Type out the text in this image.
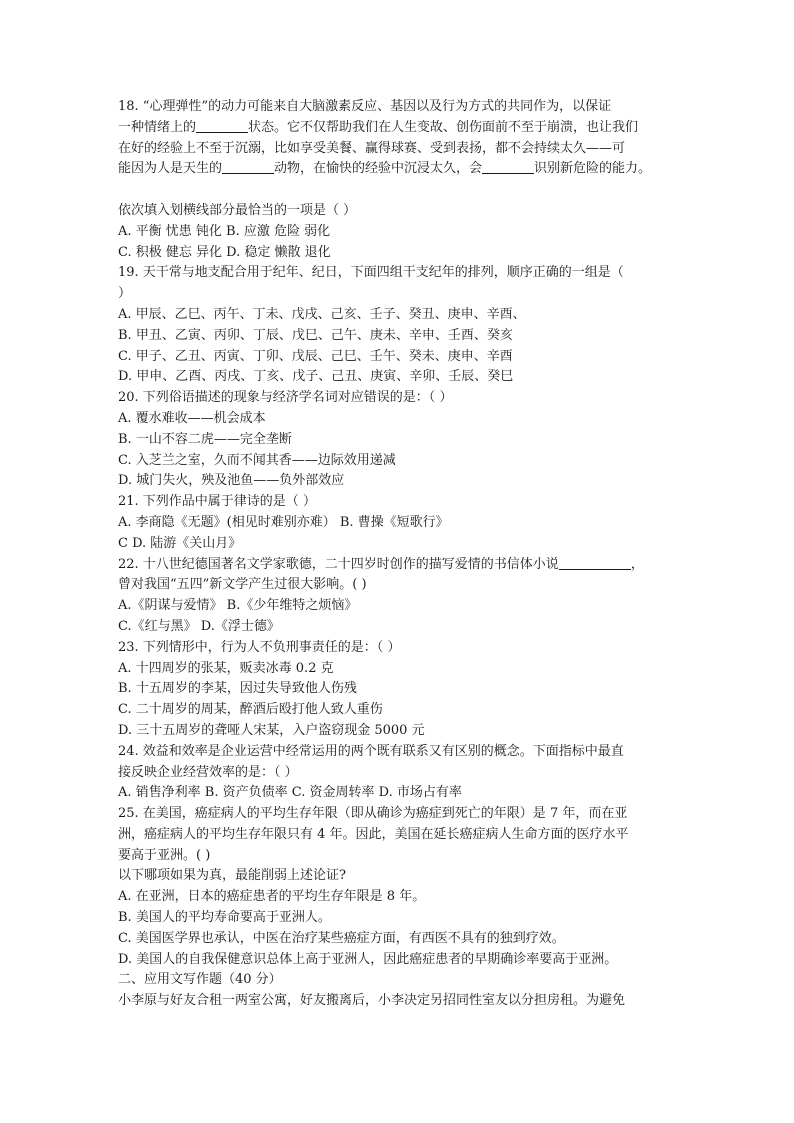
18. “心理弹性”的动力可能来自大脑激素反应、基因以及行为方式的共同作为，以保证
一种情绪上的	状态。它不仅帮助我们在人生变故、创伤面前不至于崩溃，也让我们
在好的经验上不至于沉溺，比如享受美餐、赢得球赛、受到表扬，都不会持续太久——可
能因为人是天生的	动物，在愉快的经验中沉浸太久，会	识别新危险的能力。
依次填入划横线部分最恰当的一项是（ ）
A. 平衡 忧患 钝化 B. 应激 危险 弱化
C. 积极 健忘 异化 D. 稳定 懒散 退化
19. 天干常与地支配合用于纪年、纪日，下面四组干支纪年的排列，顺序正确的一组是（
）
A. 甲辰、乙巳、丙午、丁未、戊戌、己亥、壬子、癸丑、庚申、辛酉、
B. 甲丑、乙寅、丙卯、丁辰、戊巳、己午、庚未、辛申、壬酉、癸亥
C. 甲子、乙丑、丙寅、丁卯、戊辰、己巳、壬午、癸未、庚申、辛酉
D. 甲申、乙酉、丙戌、丁亥、戊子、己丑、庚寅、辛卯、壬辰、癸巳
20. 下列俗语描述的现象与经济学名词对应错误的是：（ ）
A. 覆水难收——机会成本
B. 一山不容二虎——完全垄断
C. 入芝兰之室，久而不闻其香——边际效用递减
D. 城门失火，殃及池鱼——负外部效应
21. 下列作品中属于律诗的是（ ）
A. 李商隐《无题》(相见时难别亦难） B. 曹操《短歌行》
C D. 陆游《关山月》
22. 十八世纪德国著名文学家歌德，二十四岁时创作的描写爱情的书信体小说	，
曾对我国“五四”新文学产生过很大影响。( )
A.《阴谋与爱情》 B.《少年维特之烦恼》
C.《红与黑》 D.《浮士德》
23. 下列情形中，行为人不负刑事责任的是：（ ）
A. 十四周岁的张某，贩卖冰毒 0.2 克
B. 十五周岁的李某，因过失导致他人伤残
C. 二十周岁的周某，醉酒后殴打他人致人重伤
D. 三十五周岁的聋哑人宋某，入户盗窃现金 5000 元
24. 效益和效率是企业运营中经常运用的两个既有联系又有区别的概念。下面指标中最直
接反映企业经营效率的是：（ ）
A. 销售净利率 B. 资产负债率 C. 资金周转率 D. 市场占有率
25. 在美国，癌症病人的平均生存年限（即从确诊为癌症到死亡的年限）是 7 年，而在亚
洲，癌症病人的平均生存年限只有 4 年。因此，美国在延长癌症病人生命方面的医疗水平
要高于亚洲。( )
以下哪项如果为真，最能削弱上述论证?
A. 在亚洲，日本的癌症患者的平均生存年限是 8 年。
B. 美国人的平均寿命要高于亚洲人。
C. 美国医学界也承认，中医在治疗某些癌症方面，有西医不具有的独到疗效。
D. 美国人的自我保健意识总体上高于亚洲人，因此癌症患者的早期确诊率要高于亚洲。
二、应用文写作题（40 分）
小李原与好友合租一两室公寓，好友搬离后，小李决定另招同性室友以分担房租。为避免
